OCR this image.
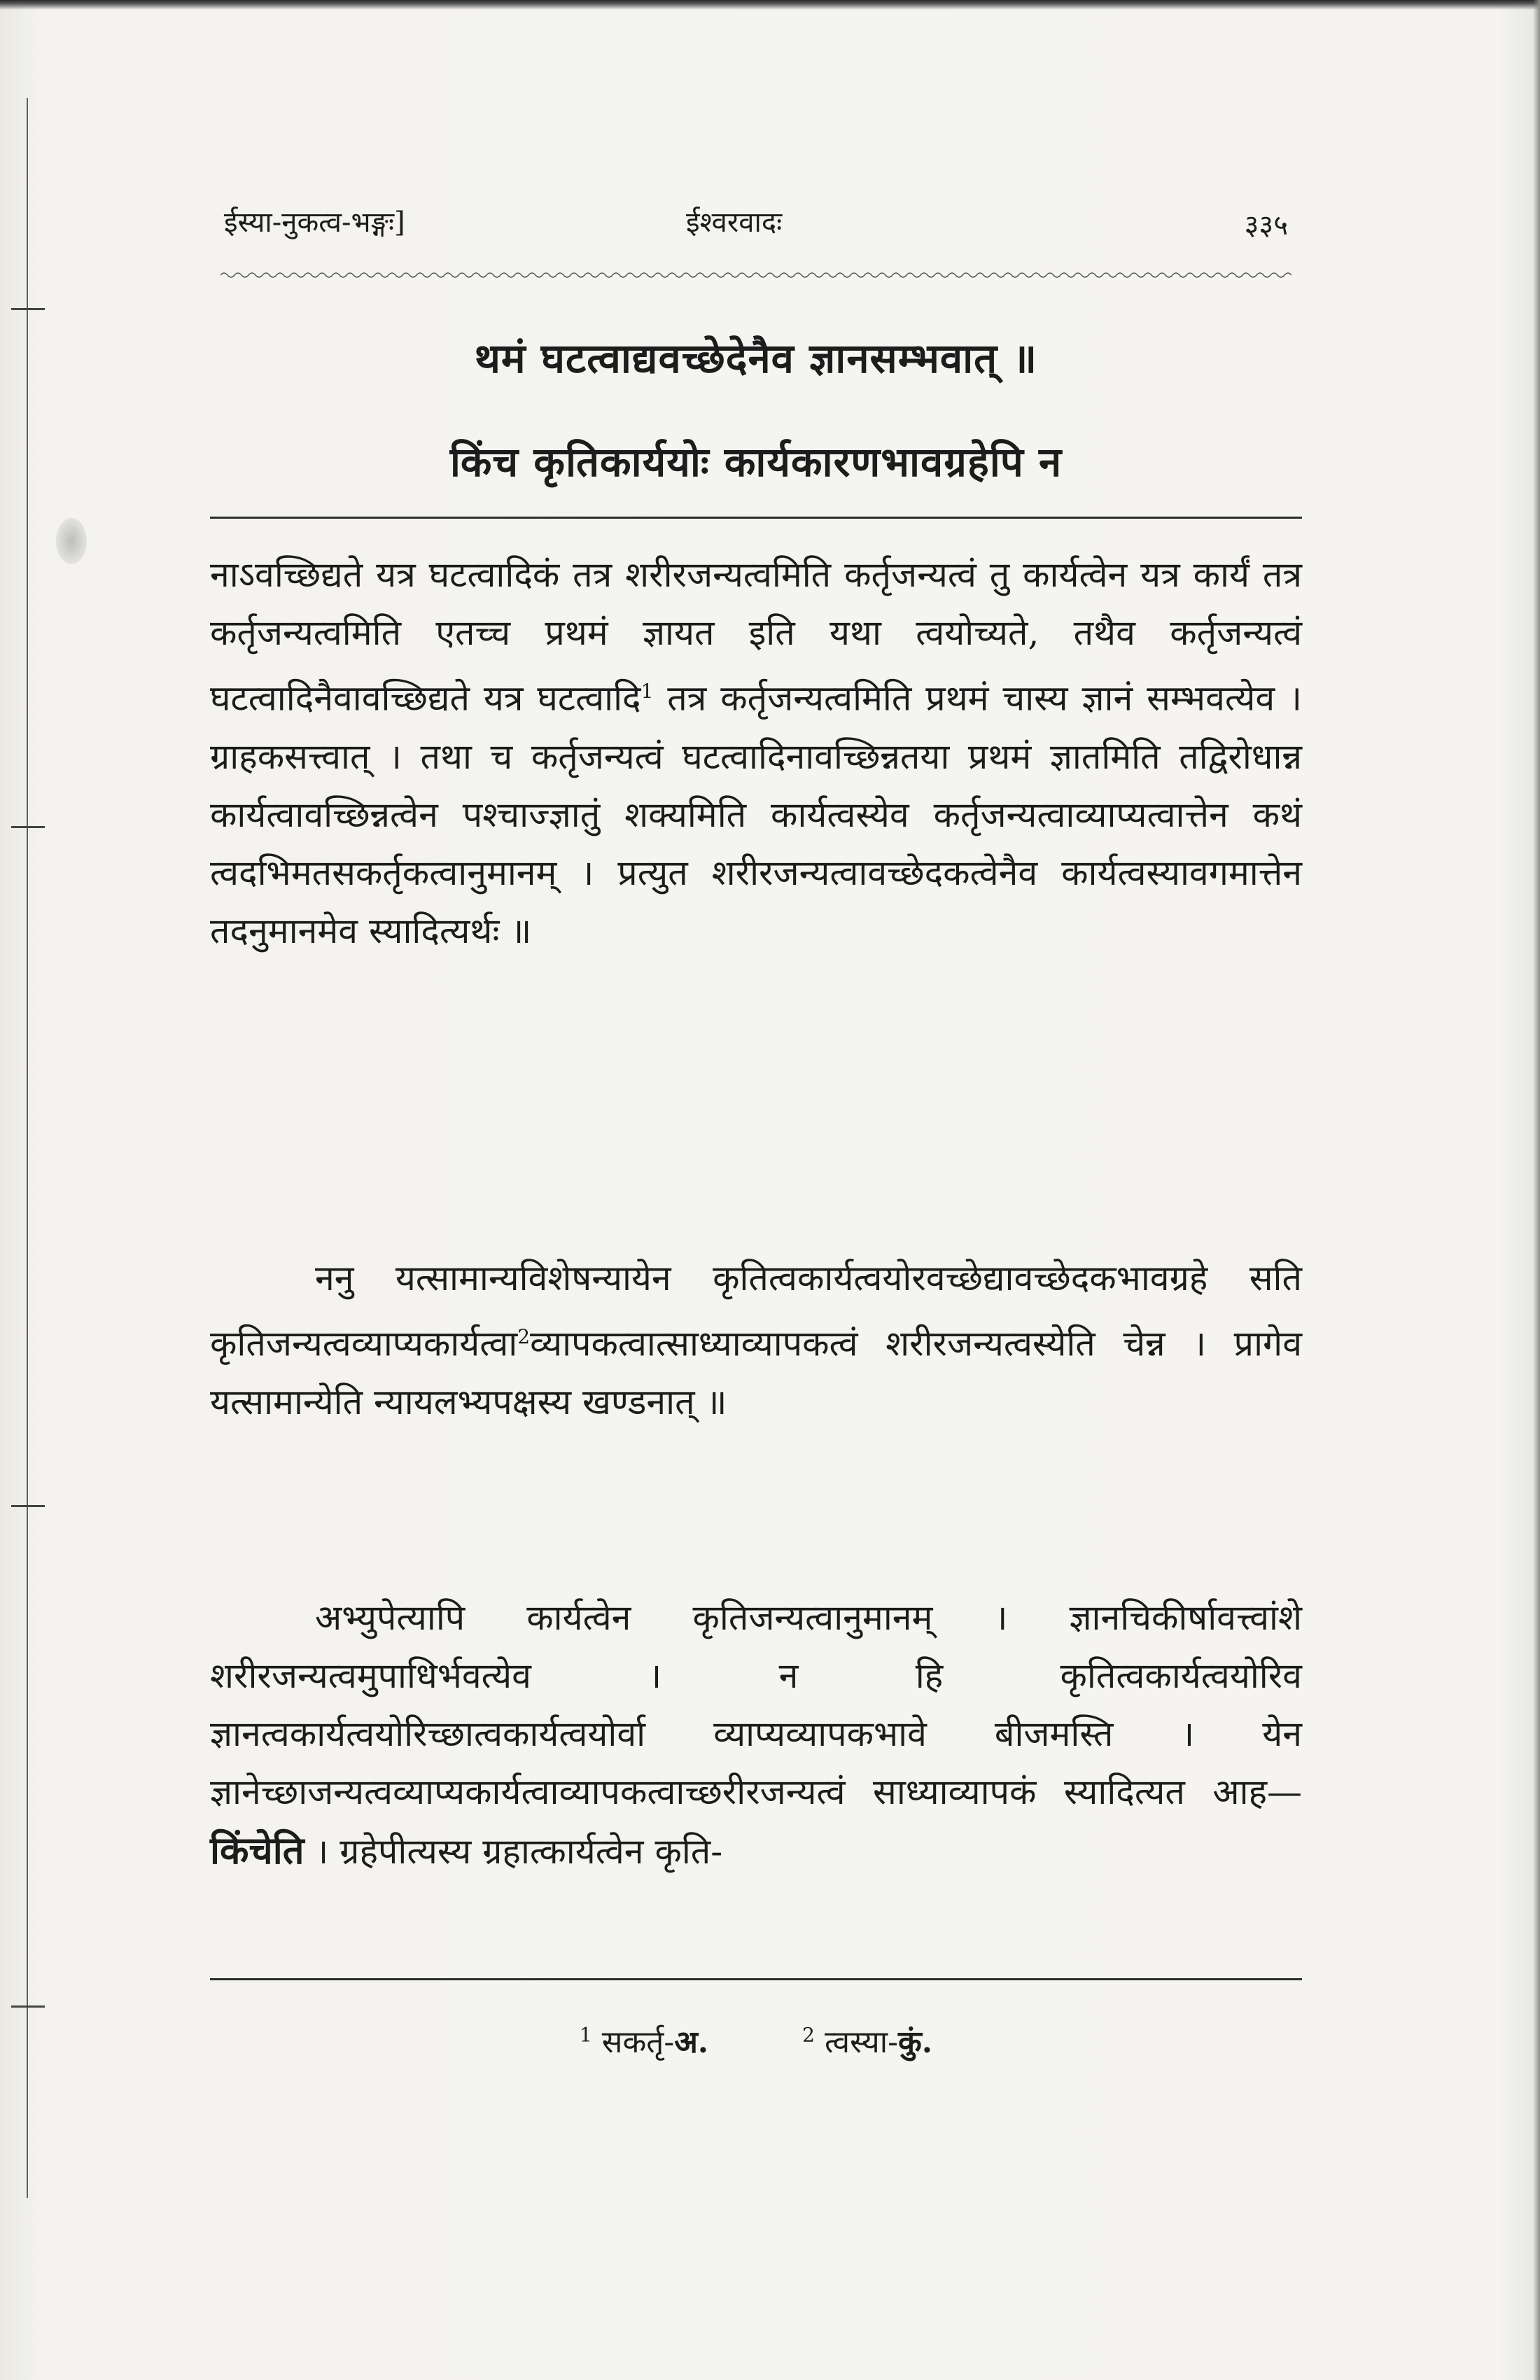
ईस्या-नुकत्व-भङ्गः]	ईश्वरवादः	३३५
थमं घटत्वाद्यवच्छेदेनैव ज्ञानसम्भवात् ॥
किंच कृतिकार्ययोः कार्यकारणभावग्रहेपि न
नाऽवच्छिद्यते यत्र घटत्वादिकं तत्र शरीरजन्यत्वमिति कर्तृजन्यत्वं तु कार्यत्वेन यत्र कार्यं तत्र कर्तृजन्यत्वमिति एतच्च प्रथमं ज्ञायत इति यथा त्वयोच्यते, तथैव कर्तृजन्यत्वं घटत्वादिनैवावच्छिद्यते यत्र घटत्वादि$^1$ तत्र कर्तृजन्यत्वमिति प्रथमं चास्य ज्ञानं सम्भवत्येव । ग्राहकसत्त्वात् । तथा च कर्तृजन्यत्वं घटत्वादिनावच्छिन्नतया प्रथमं ज्ञातमिति तद्विरोधान्न कार्यत्वावच्छिन्नत्वेन पश्चाज्ज्ञातुं शक्यमिति कार्यत्वस्येव कर्तृजन्यत्वाव्याप्यत्वात्तेन कथं त्वदभिमतसकर्तृकत्वानुमानम् । प्रत्युत शरीरजन्यत्वावच्छेदकत्वेनैव कार्यत्वस्यावगमात्तेन तदनुमानमेव स्यादित्यर्थः ॥
ननु यत्सामान्यविशेषन्यायेन कृतित्वकार्यत्वयोरवच्छेद्यावच्छेदकभावग्रहे सति कृतिजन्यत्वव्याप्यकार्यत्वा$^2$व्यापकत्वात्साध्याव्यापकत्वं शरीरजन्यत्वस्येति चेन्न । प्रागेव यत्सामान्येति न्यायलभ्यपक्षस्य खण्डनात् ॥
अभ्युपेत्यापि कार्यत्वेन कृतिजन्यत्वानुमानम् । ज्ञानचिकीर्षावत्त्वांशे शरीरजन्यत्वमुपाधिर्भवत्येव । न हि कृतित्वकार्यत्वयोरिव ज्ञानत्वकार्यत्वयोरिच्छात्वकार्यत्वयोर्वा व्याप्यव्यापकभावे बीजमस्ति । येन ज्ञानेच्छाजन्यत्वव्याप्यकार्यत्वाव्यापकत्वाच्छरीरजन्यत्वं साध्याव्यापकं स्यादित्यत आह—किंचेति । ग्रहेपीत्यस्य ग्रहात्कार्यत्वेन कृति-
$^1$ सकर्तृ-अ.	$^2$ त्वस्या-कुं.
